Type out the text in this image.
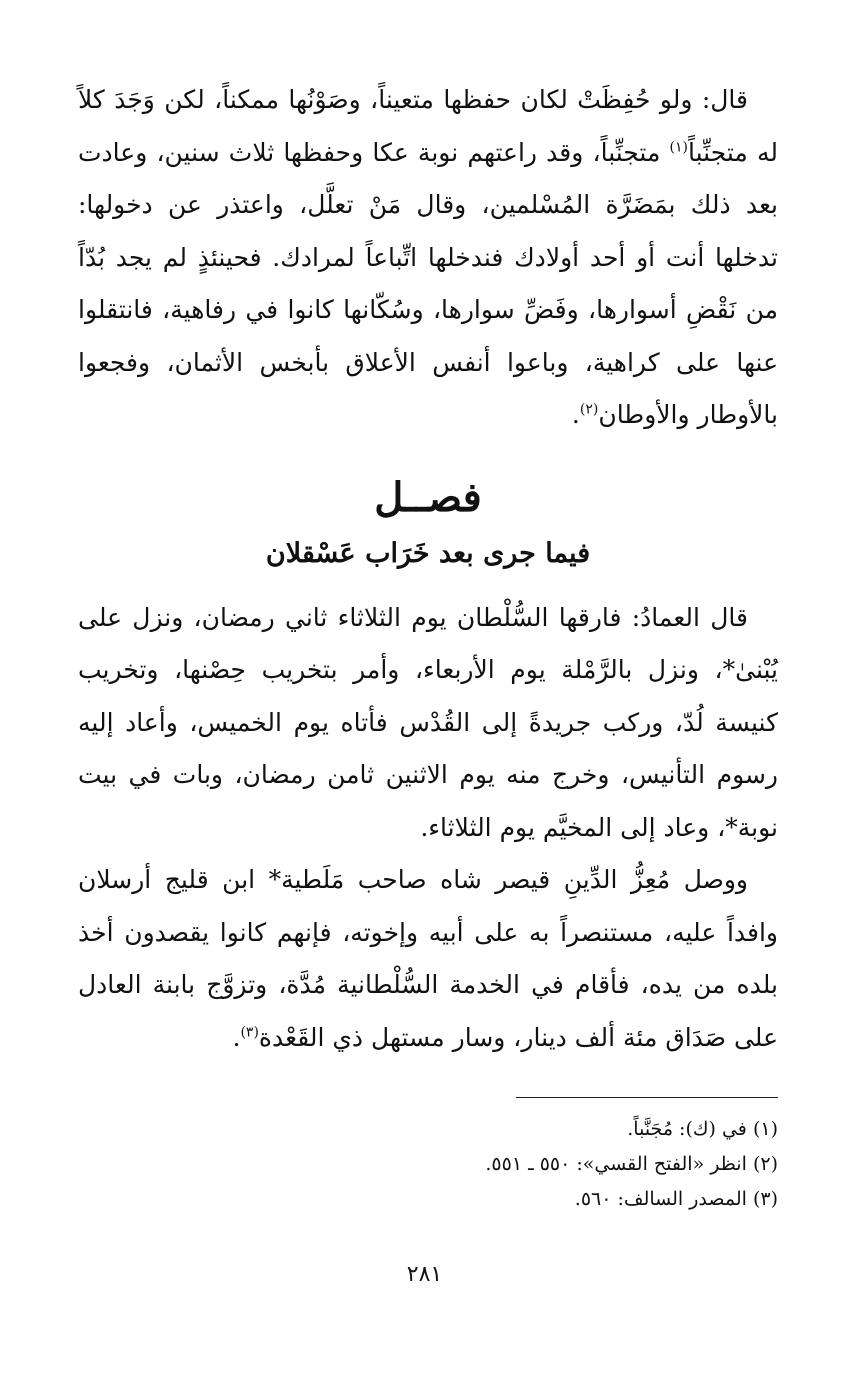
قال: ولو حُفِظَتْ لكان حفظها متعيناً، وصَوْنُها ممكناً، لكن وَجَدَ كلاً له متجنِّباً$^{(١)}$ متجنِّباً، وقد راعتهم نوبة عكا وحفظها ثلاث سنين، وعادت بعد ذلك بمَضَرَّة المُسْلمين، وقال مَنْ تعلَّل، واعتذر عن دخولها: تدخلها أنت أو أحد أولادك فندخلها اتِّباعاً لمرادك. فحينئذٍ لم يجد بُدّاً من نَقْضِ أسوارها، وفَضِّ سوارها، وسُكّانها كانوا في رفاهية، فانتقلوا عنها على كراهية، وباعوا أنفس الأعلاق بأبخس الأثمان، وفجعوا بالأوطار والأوطان$^{(٢)}$.

فصــل
فيما جرى بعد خَرَاب عَسْقلان

قال العمادُ: فارقها السُّلْطان يوم الثلاثاء ثاني رمضان، ونزل على يُبْنىٰ*، ونزل بالرَّمْلة يوم الأربعاء، وأمر بتخريب حِصْنها، وتخريب كنيسة لُدّ، وركب جريدةً إلى القُدْس فأتاه يوم الخميس، وأعاد إليه رسوم التأنيس، وخرج منه يوم الاثنين ثامن رمضان، وبات في بيت نوبة*، وعاد إلى المخيَّم يوم الثلاثاء.

ووصل مُعِزُّ الدِّينِ قيصر شاه صاحب مَلَطية* ابن قليج أرسلان وافداً عليه، مستنصراً به على أبيه وإخوته، فإنهم كانوا يقصدون أخذ بلده من يده، فأقام في الخدمة السُّلْطانية مُدَّة، وتزوَّج بابنة العادل على صَدَاق مئة ألف دينار، وسار مستهل ذي القَعْدة$^{(٣)}$.

(١) في (ك): مُجَنَّباً.

(٢) انظر «الفتح القسي»: ٥٥٠ ـ ٥٥١.

(٣) المصدر السالف: ٥٦٠.

٢٨١
